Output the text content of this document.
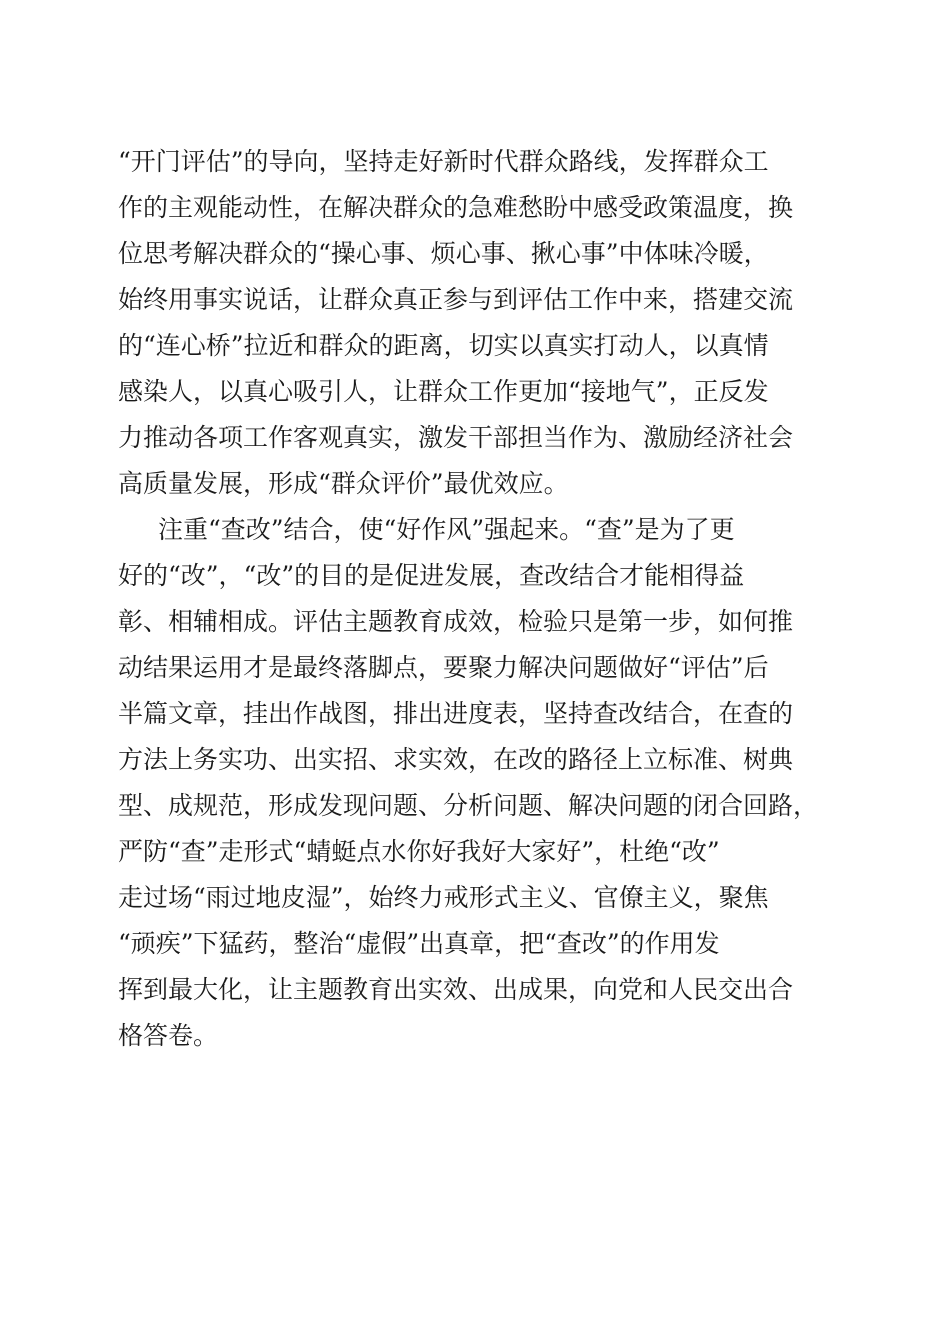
“开门评估”的导向，坚持走好新时代群众路线，发挥群众工
作的主观能动性，在解决群众的急难愁盼中感受政策温度，换
位思考解决群众的“操心事、烦心事、揪心事”中体味冷暖，
始终用事实说话，让群众真正参与到评估工作中来，搭建交流
的“连心桥”拉近和群众的距离，切实以真实打动人，以真情
感染人，以真心吸引人，让群众工作更加“接地气”，正反发
力推动各项工作客观真实，激发干部担当作为、激励经济社会
高质量发展，形成“群众评价”最优效应。
注重“查改”结合，使“好作风”强起来。“查”是为了更
好的“改”，“改”的目的是促进发展，查改结合才能相得益
彰、相辅相成。评估主题教育成效，检验只是第一步，如何推
动结果运用才是最终落脚点，要聚力解决问题做好“评估”后
半篇文章，挂出作战图，排出进度表，坚持查改结合，在查的
方法上务实功、出实招、求实效，在改的路径上立标准、树典
型、成规范，形成发现问题、分析问题、解决问题的闭合回路，
严防“查”走形式“蜻蜓点水你好我好大家好”，杜绝“改”
走过场“雨过地皮湿”，始终力戒形式主义、官僚主义，聚焦
“顽疾”下猛药，整治“虚假”出真章，把“查改”的作用发
挥到最大化，让主题教育出实效、出成果，向党和人民交出合
格答卷。
